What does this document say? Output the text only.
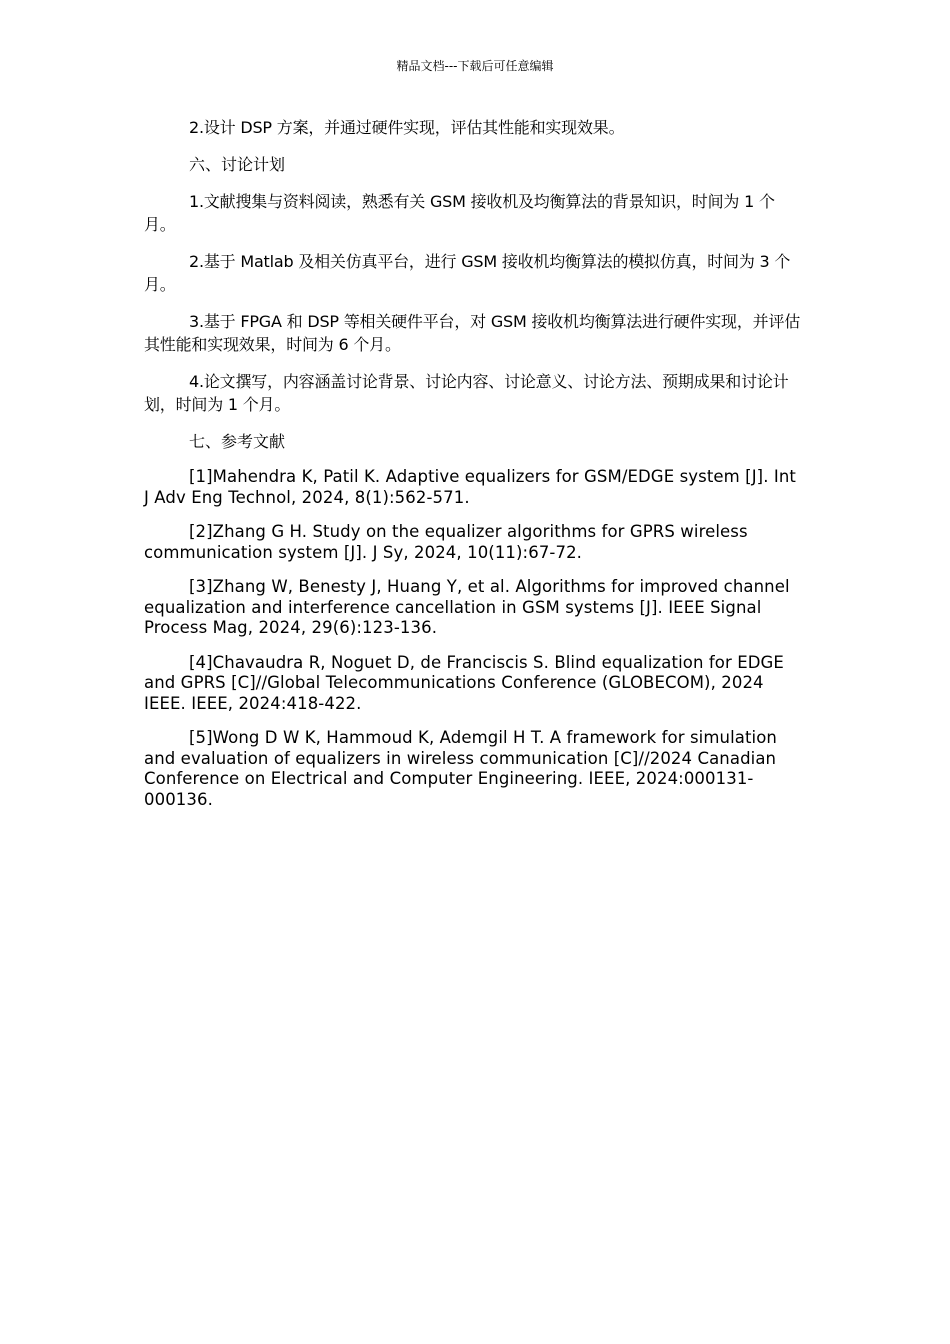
精品文档---下载后可任意编辑

2.设计 DSP 方案，并通过硬件实现，评估其性能和实现效果。

六、讨论计划

1.文献搜集与资料阅读，熟悉有关 GSM 接收机及均衡算法的背景知识，时间为 1 个月。

2.基于 Matlab 及相关仿真平台，进行 GSM 接收机均衡算法的模拟仿真，时间为 3 个月。

3.基于 FPGA 和 DSP 等相关硬件平台，对 GSM 接收机均衡算法进行硬件实现，并评估其性能和实现效果，时间为 6 个月。

4.论文撰写，内容涵盖讨论背景、讨论内容、讨论意义、讨论方法、预期成果和讨论计划，时间为 1 个月。

七、参考文献

[1]Mahendra K, Patil K. Adaptive equalizers for GSM/EDGE system [J]. Int J Adv Eng Technol, 2024, 8(1):562-571.

[2]Zhang G H. Study on the equalizer algorithms for GPRS wireless communication system [J]. J Sy, 2024, 10(11):67-72.

[3]Zhang W, Benesty J, Huang Y, et al. Algorithms for improved channel equalization and interference cancellation in GSM systems [J]. IEEE Signal Process Mag, 2024, 29(6):123-136.

[4]Chavaudra R, Noguet D, de Franciscis S. Blind equalization for EDGE and GPRS [C]//Global Telecommunications Conference (GLOBECOM), 2024 IEEE. IEEE, 2024:418-422.

[5]Wong D W K, Hammoud K, Ademgil H T. A framework for simulation and evaluation of equalizers in wireless communication [C]//2024 Canadian Conference on Electrical and Computer Engineering. IEEE, 2024:000131-000136.
